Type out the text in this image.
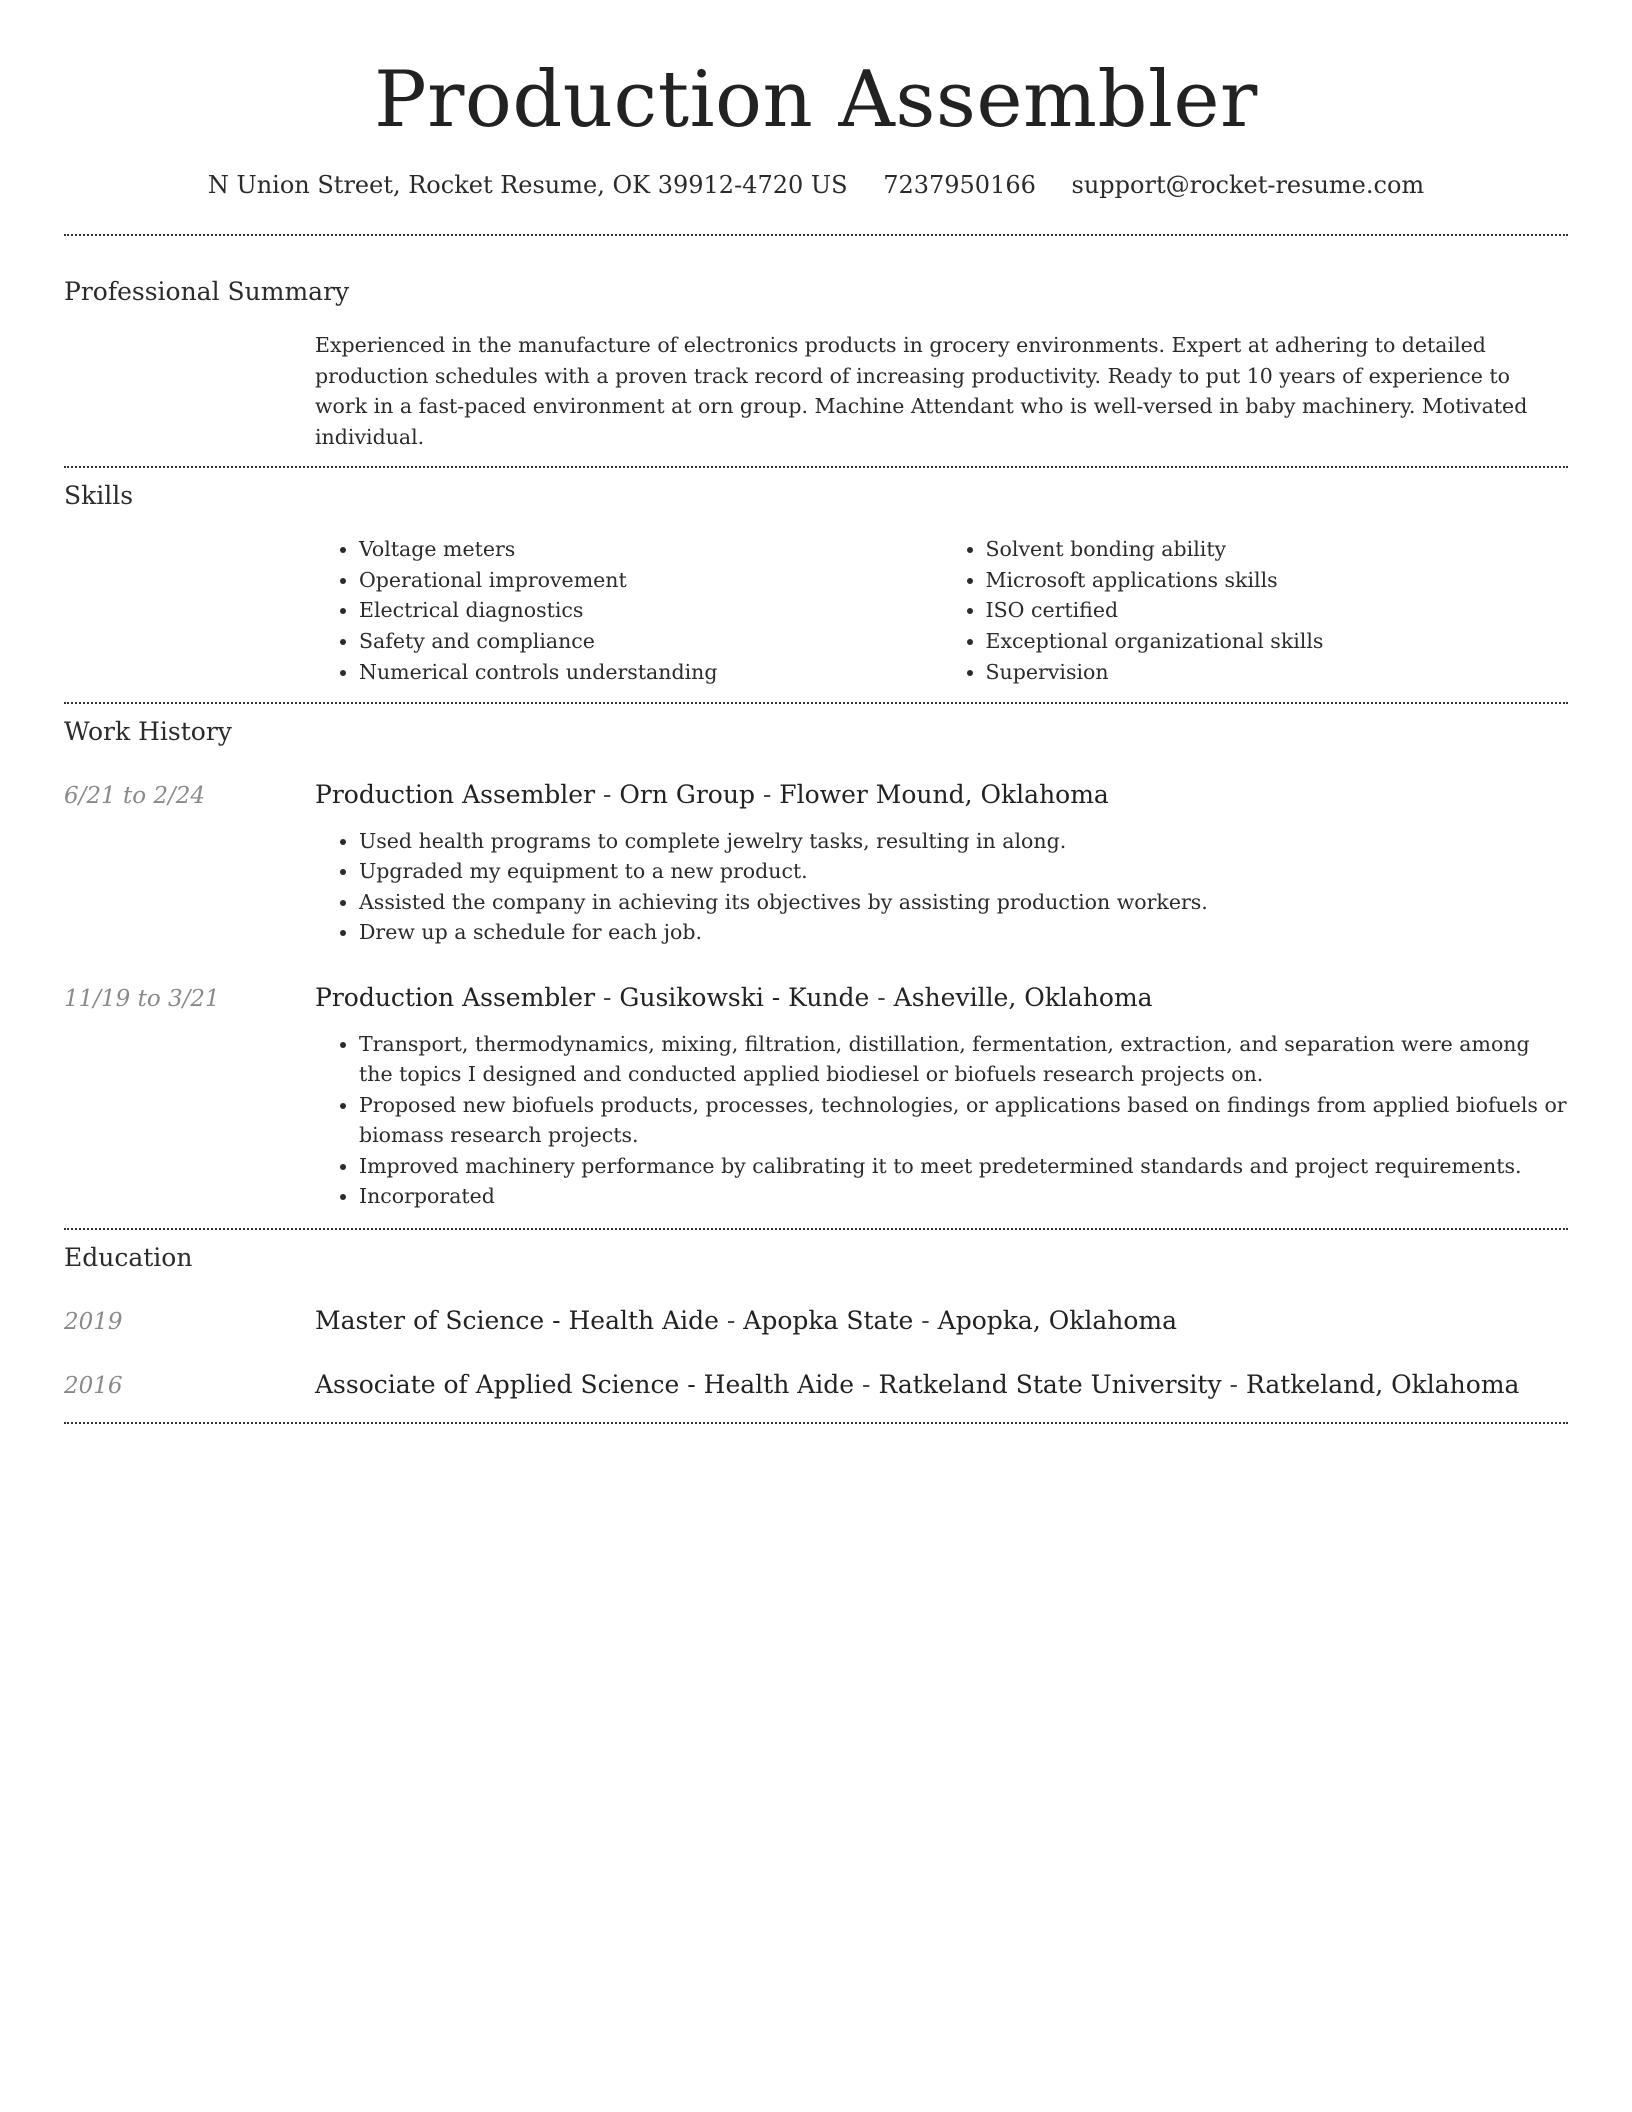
Production Assembler
N Union Street, Rocket Resume, OK 39912-4720 US 7237950166 support@rocket-resume.com
Professional Summary
Experienced in the manufacture of electronics products in grocery environments. Expert at adhering to detailed production schedules with a proven track record of increasing productivity. Ready to put 10 years of experience to work in a fast-paced environment at orn group. Machine Attendant who is well-versed in baby machinery. Motivated individual.
Skills
• Voltage meters
• Operational improvement
• Electrical diagnostics
• Safety and compliance
• Numerical controls understanding
• Solvent bonding ability
• Microsoft applications skills
• ISO certified
• Exceptional organizational skills
• Supervision
Work History
6/21 to 2/24	Production Assembler - Orn Group - Flower Mound, Oklahoma
• Used health programs to complete jewelry tasks, resulting in along.
• Upgraded my equipment to a new product.
• Assisted the company in achieving its objectives by assisting production workers.
• Drew up a schedule for each job.
11/19 to 3/21	Production Assembler - Gusikowski - Kunde - Asheville, Oklahoma
• Transport, thermodynamics, mixing, filtration, distillation, fermentation, extraction, and separation were among the topics I designed and conducted applied biodiesel or biofuels research projects on.
• Proposed new biofuels products, processes, technologies, or applications based on findings from applied biofuels or biomass research projects.
• Improved machinery performance by calibrating it to meet predetermined standards and project requirements.
• Incorporated
Education
2019	Master of Science - Health Aide - Apopka State - Apopka, Oklahoma
2016	Associate of Applied Science - Health Aide - Ratkeland State University - Ratkeland, Oklahoma
